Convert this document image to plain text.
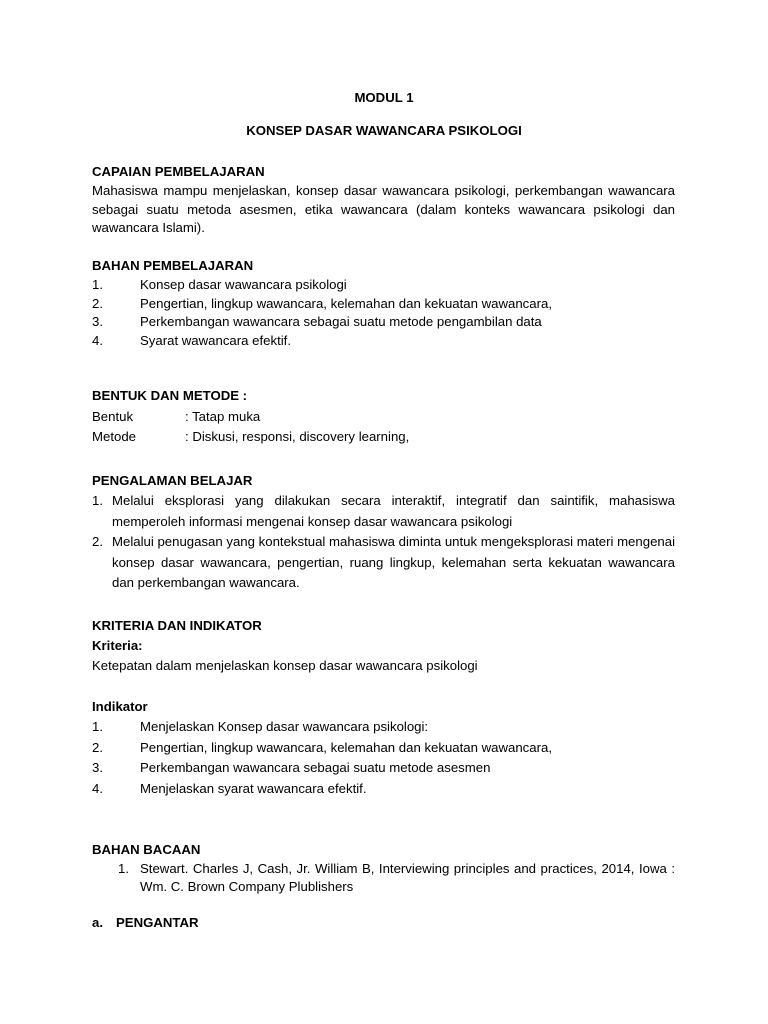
MODUL 1
KONSEP DASAR WAWANCARA PSIKOLOGI
CAPAIAN PEMBELAJARAN
Mahasiswa mampu menjelaskan, konsep dasar wawancara psikologi, perkembangan wawancara sebagai suatu metoda asesmen, etika wawancara (dalam konteks wawancara psikologi dan wawancara Islami).
BAHAN PEMBELAJARAN
1.	Konsep dasar wawancara psikologi
2.	Pengertian, lingkup wawancara, kelemahan dan kekuatan wawancara,
3.	Perkembangan wawancara sebagai suatu metode pengambilan data
4.	Syarat wawancara efektif.
BENTUK DAN METODE :
Bentuk	: Tatap muka
Metode	: Diskusi, responsi, discovery learning,
PENGALAMAN BELAJAR
1. Melalui eksplorasi yang dilakukan secara interaktif, integratif dan saintifik, mahasiswa memperoleh informasi mengenai konsep dasar wawancara psikologi
2. Melalui penugasan yang kontekstual mahasiswa diminta untuk mengeksplorasi materi mengenai konsep dasar wawancara, pengertian, ruang lingkup, kelemahan serta kekuatan wawancara dan perkembangan wawancara.
KRITERIA DAN INDIKATOR
Kriteria:
Ketepatan dalam menjelaskan konsep dasar wawancara psikologi
Indikator
1.	Menjelaskan Konsep dasar wawancara psikologi:
2.	Pengertian, lingkup wawancara, kelemahan dan kekuatan wawancara,
3.	Perkembangan wawancara sebagai suatu metode asesmen
4.	Menjelaskan syarat wawancara efektif.
BAHAN BACAAN
1. Stewart. Charles J, Cash, Jr. William B, Interviewing principles and practices, 2014, Iowa : Wm. C. Brown Company Plublishers
a. PENGANTAR
